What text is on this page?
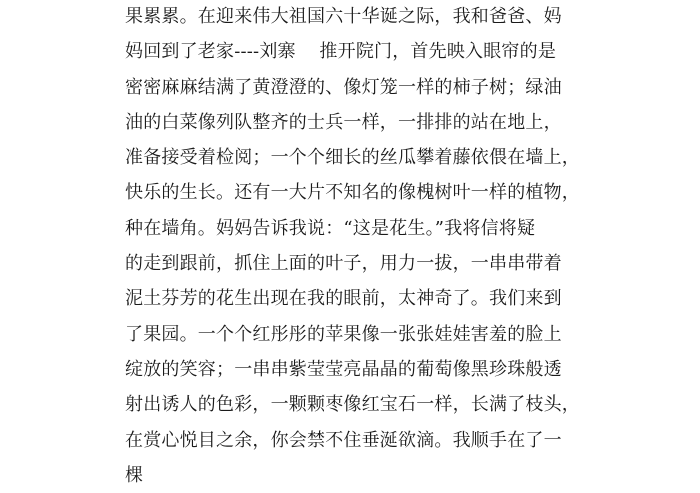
果累累。在迎来伟大祖国六十华诞之际，我和爸爸、妈
妈回到了老家----刘寨    推开院门，首先映入眼帘的是
密密麻麻结满了黄澄澄的、像灯笼一样的柿子树；绿油
油的白菜像列队整齐的士兵一样，一排排的站在地上，
准备接受着检阅；一个个细长的丝瓜攀着藤依偎在墙上，
快乐的生长。还有一大片不知名的像槐树叶一样的植物，
种在墙角。妈妈告诉我说：“这是花生。”我将信将疑
的走到跟前，抓住上面的叶子，用力一拔，一串串带着
泥土芬芳的花生出现在我的眼前，太神奇了。我们来到
了果园。一个个红彤彤的苹果像一张张娃娃害羞的脸上
绽放的笑容；一串串紫莹莹亮晶晶的葡萄像黑珍珠般透
射出诱人的色彩，一颗颗枣像红宝石一样，长满了枝头，
在赏心悦目之余，你会禁不住垂涎欲滴。我顺手在了一
棵
